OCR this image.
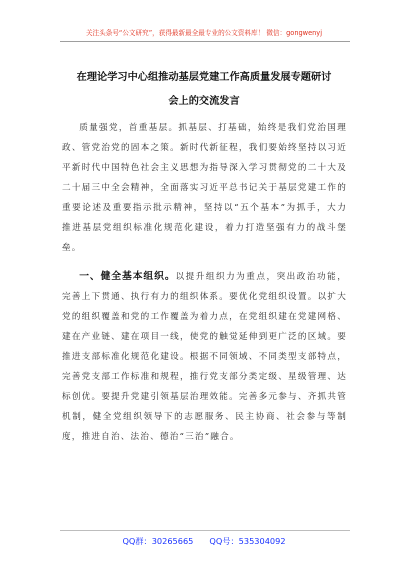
关注头条号“公文研究”，获得最新最全最专业的公文资料库！ 微信：gongwenyj
在理论学习中心组推动基层党建工作高质量发展专题研讨
会上的交流发言

质量强党，首重基层。抓基层、打基础，始终是我们党治国理政、管党治党的固本之策。新时代新征程，我们要始终坚持以习近平新时代中国特色社会主义思想为指导深入学习贯彻党的二十大及二十届三中全会精神，全面落实习近平总书记关于基层党建工作的重要论述及重要指示批示精神，坚持以“五个基本”为抓手，大力推进基层党组织标准化规范化建设，着力打造坚强有力的战斗堡垒。

一、健全基本组织。以提升组织力为重点，突出政治功能，完善上下贯通、执行有力的组织体系。要优化党组织设置。以扩大党的组织覆盖和党的工作覆盖为着力点，在党组织建在党建网格、建在产业链、建在项目一线，使党的触觉延伸到更广泛的区域。要推进支部标准化规范化建设。根据不同领域、不同类型支部特点，完善党支部工作标准和规程，推行党支部分类定级、星级管理、达标创优。要提升党建引领基层治理效能。完善多元参与、齐抓共管机制，健全党组织领导下的志愿服务、民主协商、社会参与等制度，推进自治、法治、德治“三治”融合。

QQ群：30265665 QQ号：535304092
